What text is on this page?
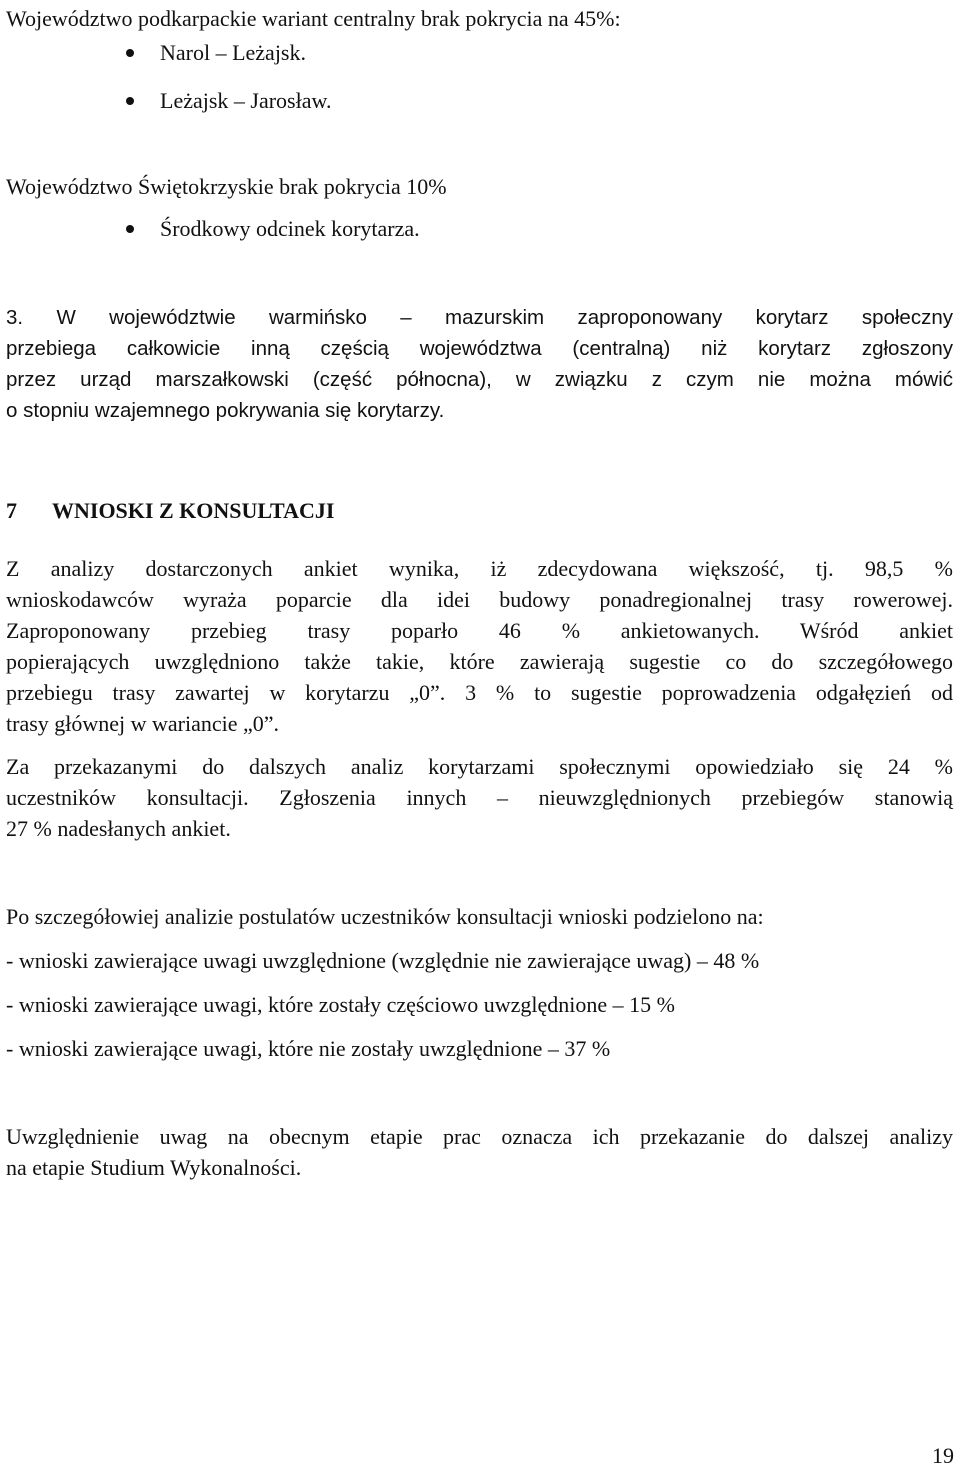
Województwo podkarpackie wariant centralny brak pokrycia na 45%:
Narol – Leżajsk.
Leżajsk – Jarosław.
Województwo Świętokrzyskie brak pokrycia 10%
Środkowy odcinek korytarza.
3. W województwie warmińsko – mazurskim zaproponowany korytarz społeczny
przebiega całkowicie inną częścią województwa (centralną) niż korytarz zgłoszony
przez urząd marszałkowski (część północna), w związku z czym nie można mówić
o stopniu wzajemnego pokrywania się korytarzy.
7 WNIOSKI Z KONSULTACJI
Z analizy dostarczonych ankiet wynika, iż zdecydowana większość, tj. 98,5 %
wnioskodawców wyraża poparcie dla idei budowy ponadregionalnej trasy rowerowej.
Zaproponowany przebieg trasy poparło 46 % ankietowanych. Wśród ankiet
popierających uwzględniono także takie, które zawierają sugestie co do szczegółowego
przebiegu trasy zawartej w korytarzu „0”. 3 % to sugestie poprowadzenia odgałęzień od
trasy głównej w wariancie „0”.
Za przekazanymi do dalszych analiz korytarzami społecznymi opowiedziało się 24 %
uczestników konsultacji. Zgłoszenia innych – nieuwzględnionych przebiegów stanowią
27 % nadesłanych ankiet.
Po szczegółowiej analizie postulatów uczestników konsultacji wnioski podzielono na:
- wnioski zawierające uwagi uwzględnione (względnie nie zawierające uwag) – 48 %
- wnioski zawierające uwagi, które zostały częściowo uwzględnione – 15 %
- wnioski zawierające uwagi, które nie zostały uwzględnione – 37 %
Uwzględnienie uwag na obecnym etapie prac oznacza ich przekazanie do dalszej analizy
na etapie Studium Wykonalności.
19
